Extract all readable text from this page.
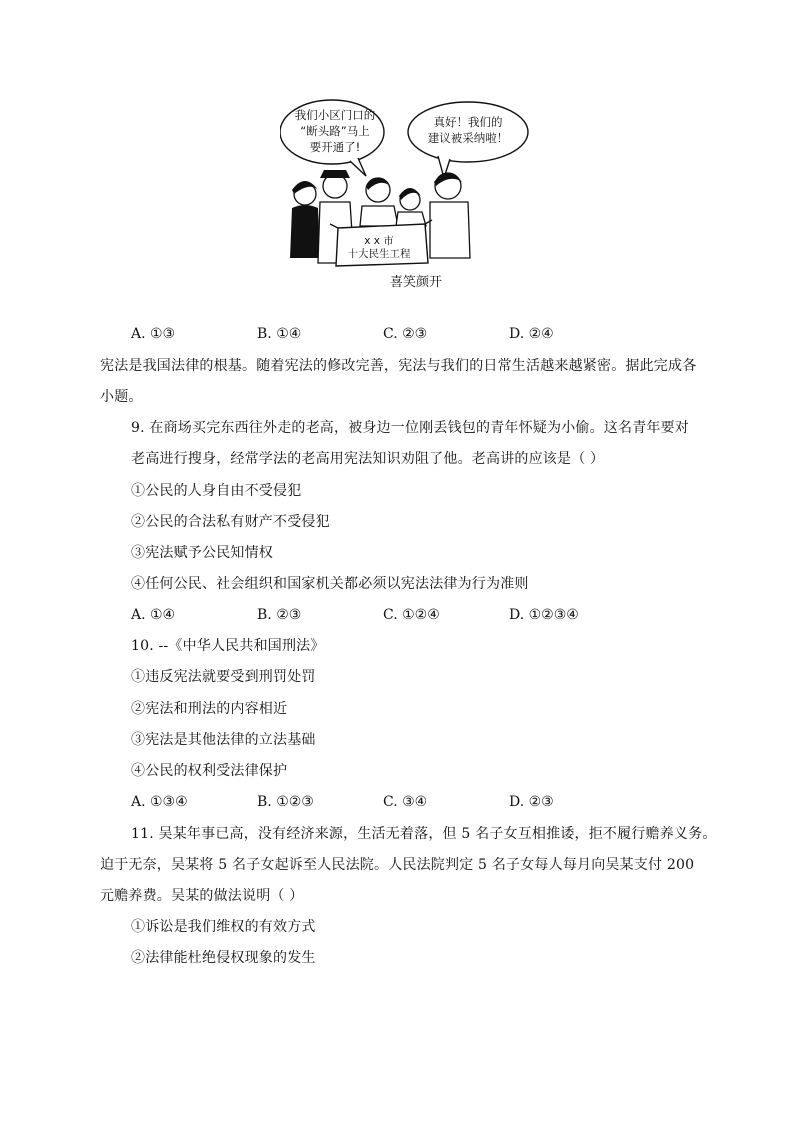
我们小区门口的
“断头路”马上
要开通了!
真好！我们的
建议被采纳啦！
x x 市
十大民生工程
喜笑颜开
A. ①③	B. ①④	C. ②③	D. ②④
宪法是我国法律的根基。随着宪法的修改完善，宪法与我们的日常生活越来越紧密。据此完成各
小题。
9. 在商场买完东西往外走的老高，被身边一位刚丢钱包的青年怀疑为小偷。这名青年要对
老高进行搜身，经常学法的老高用宪法知识劝阻了他。老高讲的应该是（ ）
①公民的人身自由不受侵犯
②公民的合法私有财产不受侵犯
③宪法赋予公民知情权
④任何公民、社会组织和国家机关都必须以宪法法律为行为准则
A. ①④	B. ②③	C. ①②④	D. ①②③④
10. --《中华人民共和国刑法》
①违反宪法就要受到刑罚处罚
②宪法和刑法的内容相近
③宪法是其他法律的立法基础
④公民的权利受法律保护
A. ①③④	B. ①②③	C. ③④	D. ②③
11. 吴某年事已高，没有经济来源，生活无着落，但 5 名子女互相推诿，拒不履行赡养义务。
迫于无奈，吴某将 5 名子女起诉至人民法院。人民法院判定 5 名子女每人每月向吴某支付 200
元赡养费。吴某的做法说明（ ）
①诉讼是我们维权的有效方式
②法律能杜绝侵权现象的发生
